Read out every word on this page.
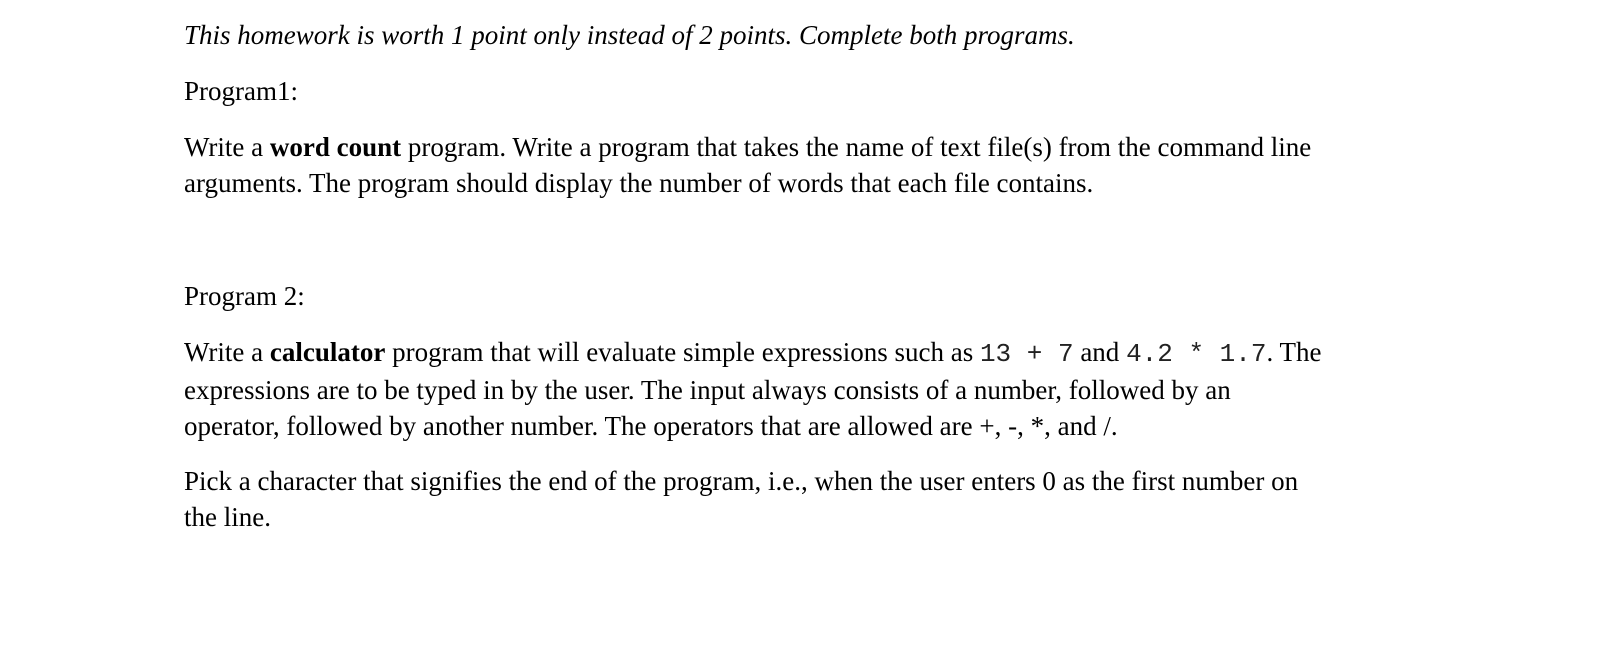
This homework is worth 1 point only instead of 2 points. Complete both programs.

Program1:

Write a word count program. Write a program that takes the name of text file(s) from the command line

arguments. The program should display the number of words that each file contains.

Program 2:

Write a calculator program that will evaluate simple expressions such as 13 + 7 and 4.2 * 1.7. The

expressions are to be typed in by the user. The input always consists of a number, followed by an

operator, followed by another number. The operators that are allowed are +, -, *, and /.

Pick a character that signifies the end of the program, i.e., when the user enters 0 as the first number on

the line.
